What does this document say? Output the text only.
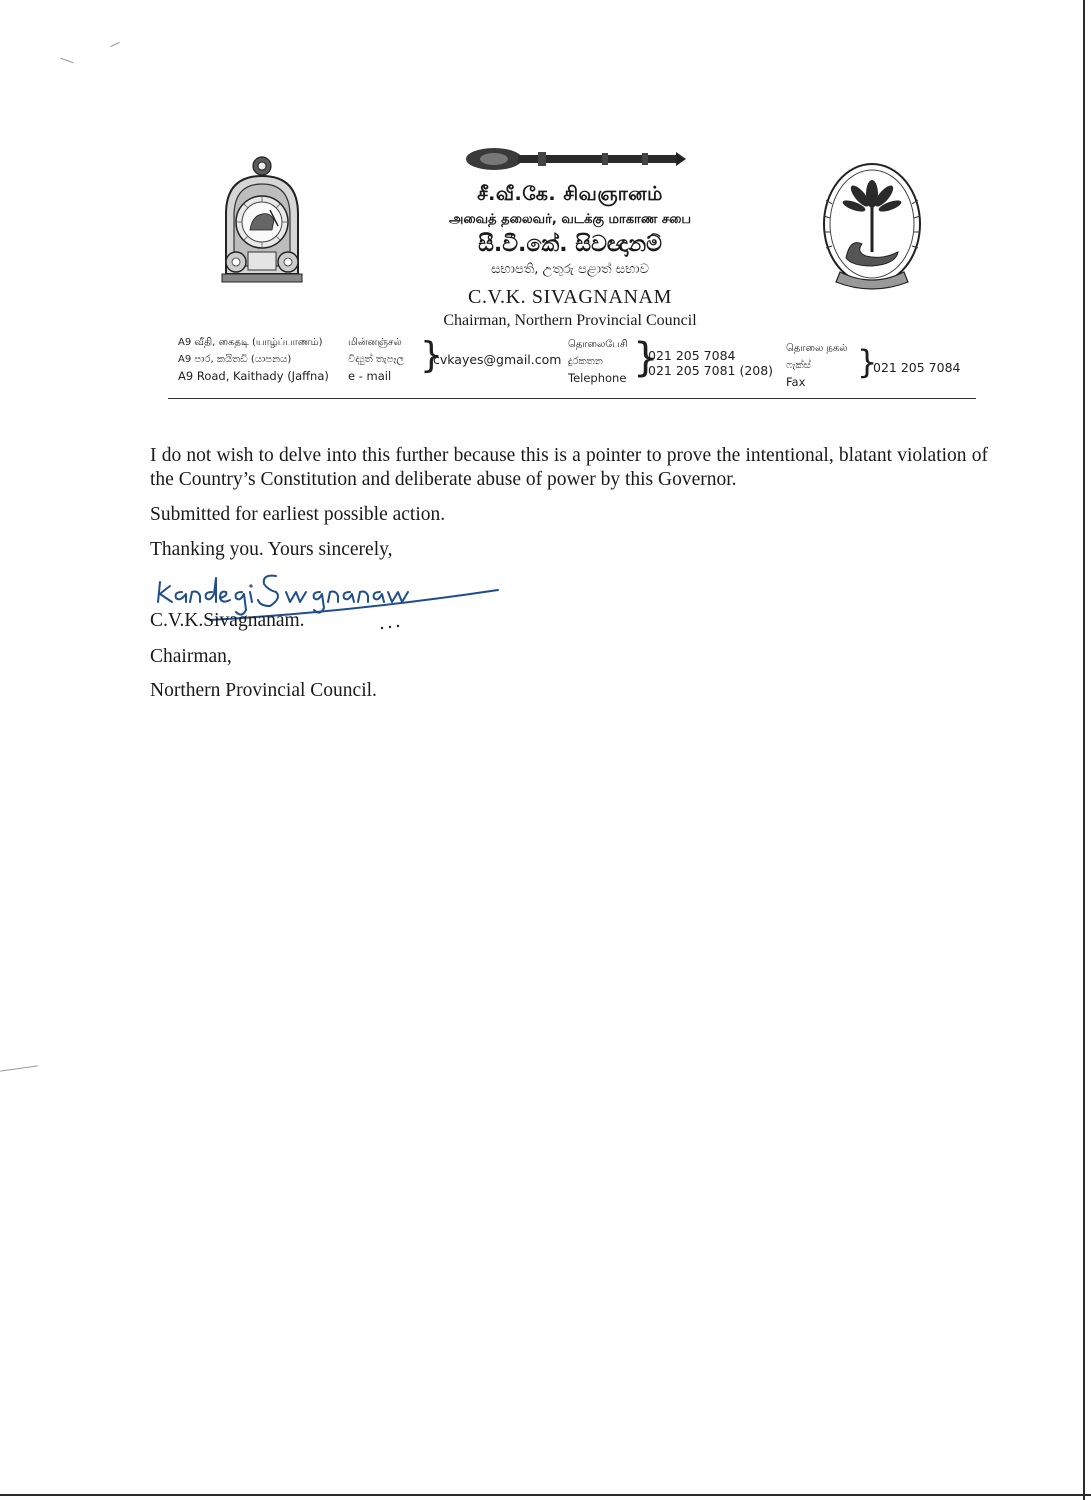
சீ.வீ.கே. சிவஞானம்
அவைத் தலைவர், வடக்கு மாகாண சபை
සී.වී.කේ. සිවඥානම්
සභාපති, උතුරු පළාත් සභාව
C.V.K. SIVAGNANAM
Chairman, Northern Provincial Council
A9 வீதி, கைதடி (யாழ்ப்பாணம்)
A9 පාර, කයිතඩි (යාපනය)
A9 Road, Kaithady (Jaffna)
மின்னஞ்சல்
විද්‍යුත් තැපෑල
e - mail }
cvkayes@gmail.com
தொலைபேசி
දුරකතන
Telephone }
021 205 7084
021 205 7081 (208)
தொலை நகல்
ෆැක්ස්
Fax
}
021 205 7084
I do not wish to delve into this further because this is a pointer to prove the intentional, blatant violation of the Country’s Constitution and deliberate abuse of power by this Governor.
Submitted for earliest possible action.
Thanking you. Yours sincerely,
C.V.K.Sivagnanam.
Chairman,
Northern Provincial Council.
